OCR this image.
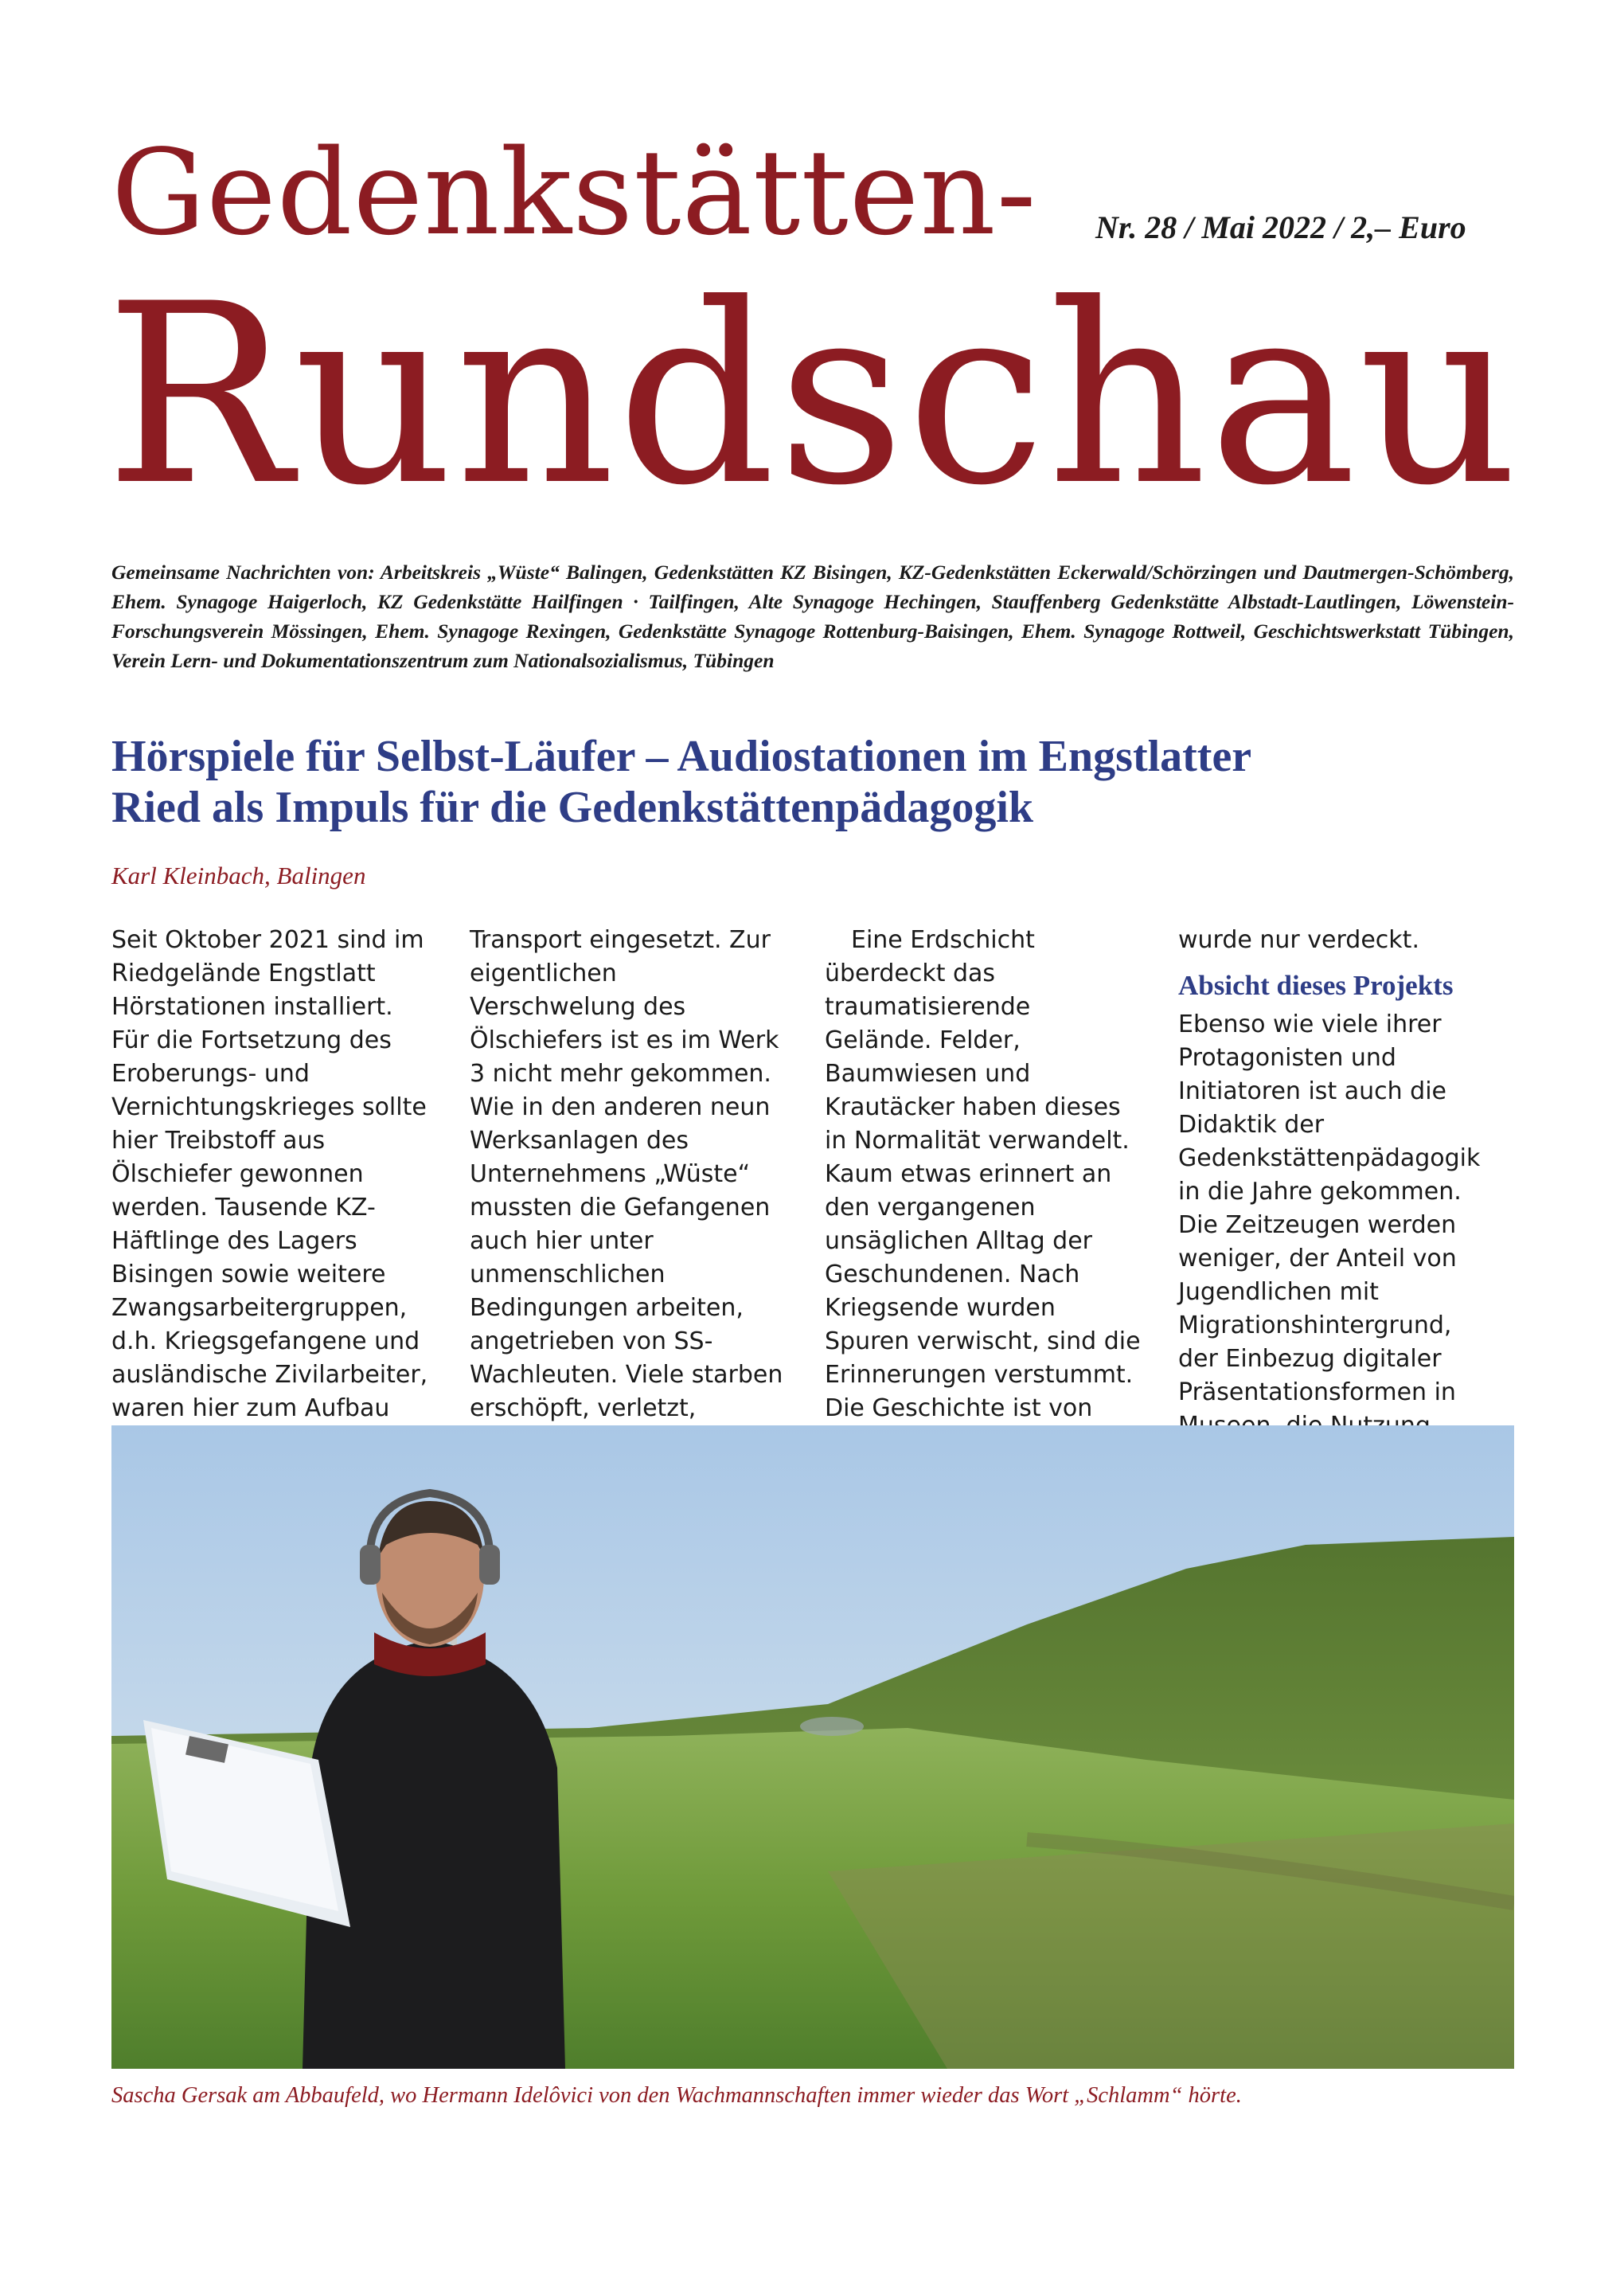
Gedenkstätten- Nr. 28 / Mai 2022 / 2,– Euro
Rundschau
Gemeinsame Nachrichten von: Arbeitskreis „Wüste“ Balingen, Gedenkstätten KZ Bisingen, KZ-Gedenkstätten Eckerwald/Schörzingen und Dautmergen-Schömberg, Ehem. Synagoge Haigerloch, KZ Gedenkstätte Hailfingen · Tailfingen, Alte Synagoge Hechingen, Stauffenberg Gedenkstätte Albstadt-Lautlingen, Löwenstein-Forschungsverein Mössingen, Ehem. Synagoge Rexingen, Gedenkstätte Synagoge Rottenburg-Baisingen, Ehem. Synagoge Rottweil, Geschichtswerkstatt Tübingen, Verein Lern- und Dokumentationszentrum zum Nationalsozialismus, Tübingen
Hörspiele für Selbst-Läufer – Audiostationen im Engstlatter
Ried als Impuls für die Gedenkstättenpädagogik
Karl Kleinbach, Balingen

Seit Oktober 2021 sind im Riedgelände Engstlatt Hörstationen installiert. Für die Fortsetzung des Eroberungs- und Vernichtungskrieges sollte hier Treibstoff aus Ölschiefer gewonnen werden. Tausende KZ-Häftlinge des Lagers Bisingen sowie weitere Zwangsarbeitergruppen, d.h. Kriegsgefangene und ausländische Zivilarbeiter, waren hier zum Aufbau

Transport eingesetzt. Zur eigentlichen Verschwelung des Ölschiefers ist es im Werk 3 nicht mehr gekommen. Wie in den anderen neun Werksanlagen des Unternehmens „Wüste“ mussten die Gefangenen auch hier unter unmenschlichen Bedingungen arbeiten, angetrieben von SS-Wachleuten. Viele starben erschöpft, verletzt,

Eine Erdschicht überdeckt das traumatisierende Gelände. Felder, Baumwiesen und Krautäcker haben dieses in Normalität verwandelt. Kaum etwas erinnert an den vergangenen unsäglichen Alltag der Geschundenen. Nach Kriegsende wurden Spuren verwischt, sind die Erinnerungen verstummt. Die Geschichte ist von

wurde nur verdeckt.

Absicht dieses Projekts

Ebenso wie viele ihrer Protagonisten und Initiatoren ist auch die Didaktik der Gedenkstättenpädagogik in die Jahre gekommen. Die Zeitzeugen werden weniger, der Anteil von Jugendlichen mit Migrationshintergrund, der Einbezug digitaler Präsentationsformen in

Sascha Gersak am Abbaufeld, wo Hermann Idelôvici von den Wachmannschaften immer wieder das Wort „Schlamm“ hörte.
